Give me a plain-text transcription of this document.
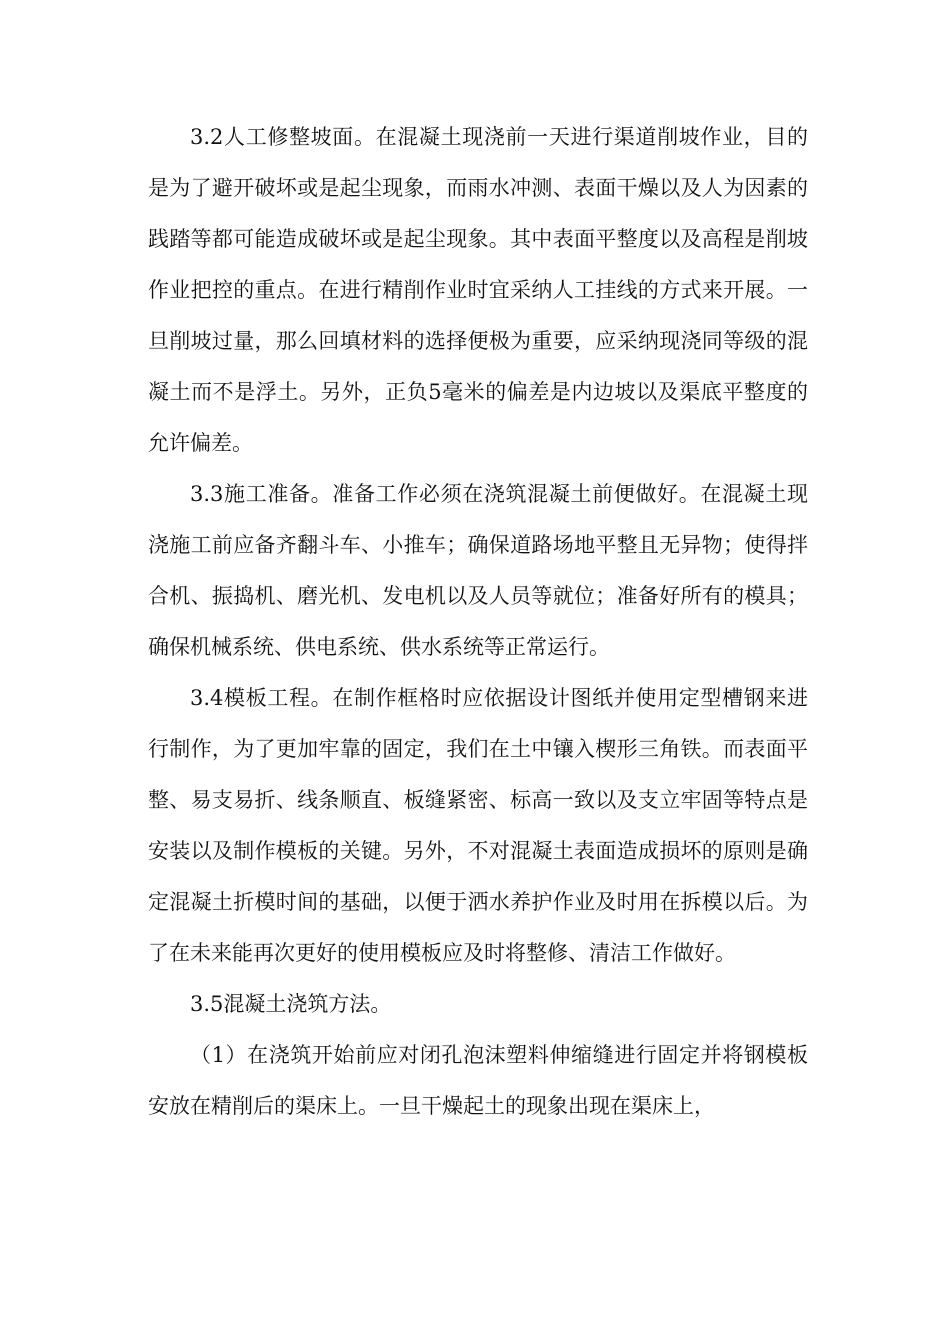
3.2人工修整坡面。在混凝土现浇前一天进行渠道削坡作业，目的是为了避开破坏或是起尘现象，而雨水冲测、表面干燥以及人为因素的践踏等都可能造成破坏或是起尘现象。其中表面平整度以及高程是削坡作业把控的重点。在进行精削作业时宜采纳人工挂线的方式来开展。一旦削坡过量，那么回填材料的选择便极为重要，应采纳现浇同等级的混凝土而不是浮土。另外，正负5毫米的偏差是内边坡以及渠底平整度的允许偏差。

3.3施工准备。准备工作必须在浇筑混凝土前便做好。在混凝土现浇施工前应备齐翻斗车、小推车；确保道路场地平整且无异物；使得拌合机、振捣机、磨光机、发电机以及人员等就位；准备好所有的模具；确保机械系统、供电系统、供水系统等正常运行。

3.4模板工程。在制作框格时应依据设计图纸并使用定型槽钢来进行制作，为了更加牢靠的固定，我们在土中镶入楔形三角铁。而表面平整、易支易折、线条顺直、板缝紧密、标高一致以及支立牢固等特点是安装以及制作模板的关键。另外，不对混凝土表面造成损坏的原则是确定混凝土折模时间的基础，以便于洒水养护作业及时用在拆模以后。为了在未来能再次更好的使用模板应及时将整修、清洁工作做好。

3.5混凝土浇筑方法。

（1）在浇筑开始前应对闭孔泡沫塑料伸缩缝进行固定并将钢模板安放在精削后的渠床上。一旦干燥起土的现象出现在渠床上，
